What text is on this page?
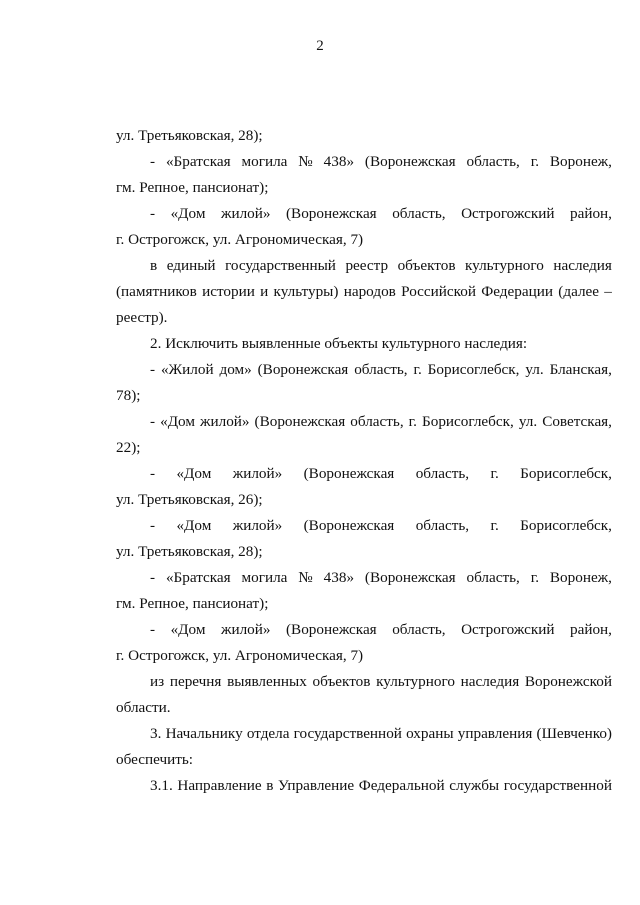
2
ул. Третьяковская, 28);
- «Братская могила № 438» (Воронежская область, г. Воронеж,
гм. Репное, пансионат);
- «Дом жилой» (Воронежская область, Острогожский район,
г. Острогожск, ул. Агрономическая, 7)
в единый государственный реестр объектов культурного наследия
(памятников истории и культуры) народов Российской Федерации (далее –
реестр).
2. Исключить выявленные объекты культурного наследия:
- «Жилой дом» (Воронежская область, г. Борисоглебск, ул. Бланская,
78);
- «Дом жилой» (Воронежская область, г. Борисоглебск, ул. Советская,
22);
- «Дом жилой» (Воронежская область, г. Борисоглебск,
ул. Третьяковская, 26);
- «Дом жилой» (Воронежская область, г. Борисоглебск,
ул. Третьяковская, 28);
- «Братская могила № 438» (Воронежская область, г. Воронеж,
гм. Репное, пансионат);
- «Дом жилой» (Воронежская область, Острогожский район,
г. Острогожск, ул. Агрономическая, 7)
из перечня выявленных объектов культурного наследия Воронежской
области.
3. Начальнику отдела государственной охраны управления (Шевченко)
обеспечить:
3.1. Направление в Управление Федеральной службы государственной
